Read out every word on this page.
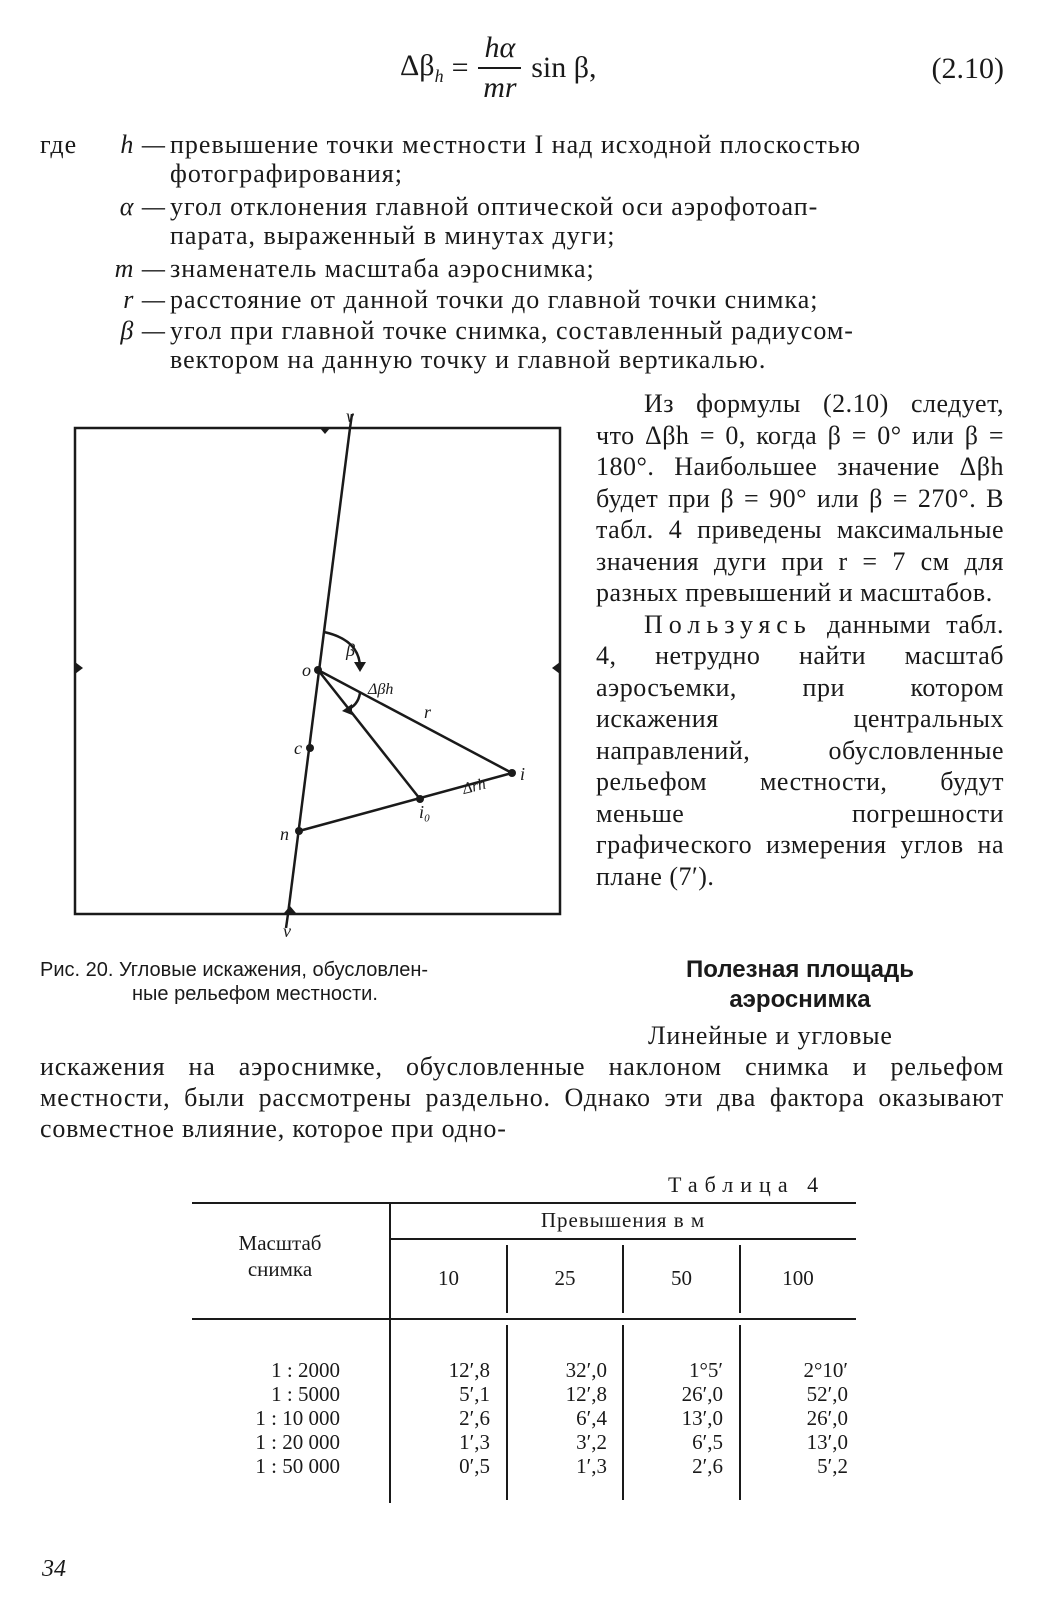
$\Delta\beta_h = \frac{h\alpha}{mr}$ sin β,	(2.10)
где	h — превышение точки местности I над исходной плоскостью
фотографирования;
α — угол отклонения главной оптической оси аэрофотоап-
парата, выраженный в минутах дуги;
m — знаменатель масштаба аэроснимка;
r — расстояние от данной точки до главной точки снимка;
β — угол при главной точке снимка, составленный радиусом-
вектором на данную точку и главной вертикалью.
v
v
o
c
n
i
i₀
β
Δβh
r
Δrh
Рис. 20. Угловые искажения, обусловлен-
ные рельефом местности.

Из формулы (2.10) следует, что Δβh = 0, когда β = 0° или β = 180°. Наибольшее значение Δβh будет при β = 90° или β = 270°. В табл. 4 приведены максимальные значения дуги при r = 7 см для разных превышений и масштабов.

Пользуясь данными табл. 4, нетрудно найти масштаб аэросъемки, при котором искажения центральных направлений, обусловленные рельефом местности, будут меньше погрешности графического измерения углов на плане (7′).

Полезная площадь
аэроснимка
Линейные и угловые
искажения на аэроснимке, обусловленные наклоном снимка и рельефом местности, были рассмотрены раздельно. Однако эти два фактора оказывают совместное влияние, которое при одно-
Таблица 4
Масштаб
снимка
Превышения в м
10	25	50	100
1 : 2000	12′,8	32′,0	1°5′	2°10′
1 : 5000	5′,1	12′,8	26′,0	52′,0
1 : 10 000	2′,6	6′,4	13′,0	26′,0
1 : 20 000	1′,3	3′,2	6′,5	13′,0
1 : 50 000	0′,5	1′,3	2′,6	5′,2
34
